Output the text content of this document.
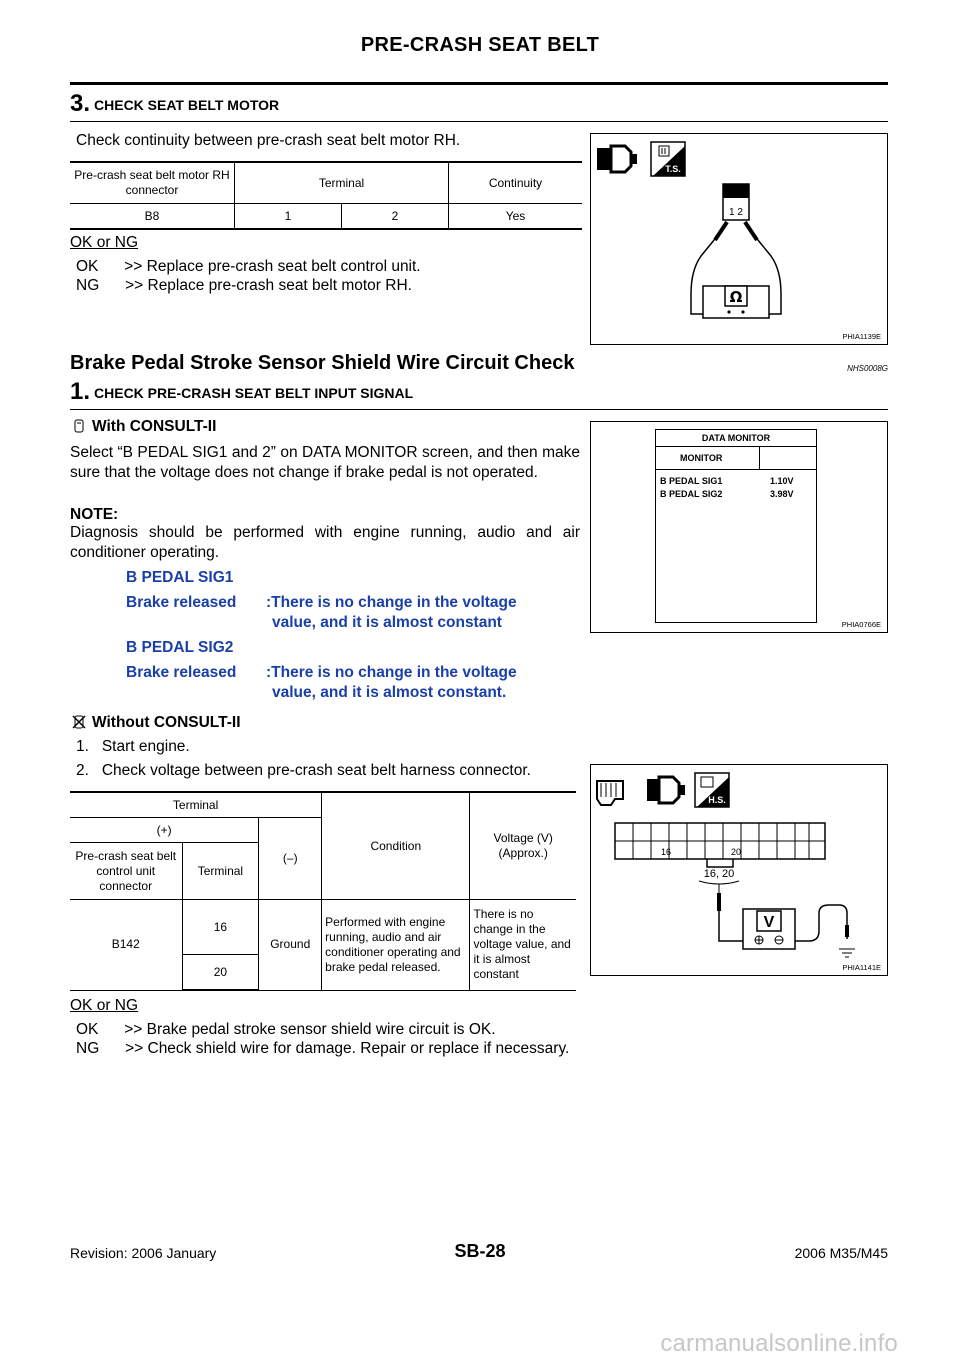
PRE-CRASH SEAT BELT
3. CHECK SEAT BELT MOTOR
Check continuity between pre-crash seat belt motor RH.
Pre-crash seat belt motor RH connector	Terminal		Continuity
B8	1	2	Yes
OK or NG
OK      >> Replace pre-crash seat belt control unit.
NG      >> Replace pre-crash seat belt motor RH.
T.S.
1 2
Ω
PHIA1139E
Brake Pedal Stroke Sensor Shield Wire Circuit Check	NHS0008G
1. CHECK PRE-CRASH SEAT BELT INPUT SIGNAL
With CONSULT-II
Select “B PEDAL SIG1 and 2” on DATA MONITOR screen, and then make sure that the voltage does not change if brake pedal is not operated.
NOTE:
Diagnosis should be performed with engine running, audio and air conditioner operating.
B PEDAL SIG1
Brake released :There is no change in the voltage
value, and it is almost constant
B PEDAL SIG2
Brake released :There is no change in the voltage
value, and it is almost constant.
DATA MONITOR
MONITOR
B PEDAL SIG1	1.10V
B PEDAL SIG2	3.98V
PHIA0766E
Without CONSULT-II
1.   Start engine.
2.   Check voltage between pre-crash seat belt harness connector.
Terminal			Condition	Voltage (V) (Approx.)
(+)		(–)		
Pre-crash seat belt control unit connector	Terminal			
B142	16	Ground	Performed with engine running, audio and air conditioner operating and brake pedal released.	There is no change in the voltage value, and it is almost constant
	20			
OK or NG
OK      >> Brake pedal stroke sensor shield wire circuit is OK.
NG      >> Check shield wire for damage. Repair or replace if necessary.
H.S.
16	20
16, 20
V
PHIA1141E
Revision: 2006 January	SB-28	2006 M35/M45
carmanualsonline.info
